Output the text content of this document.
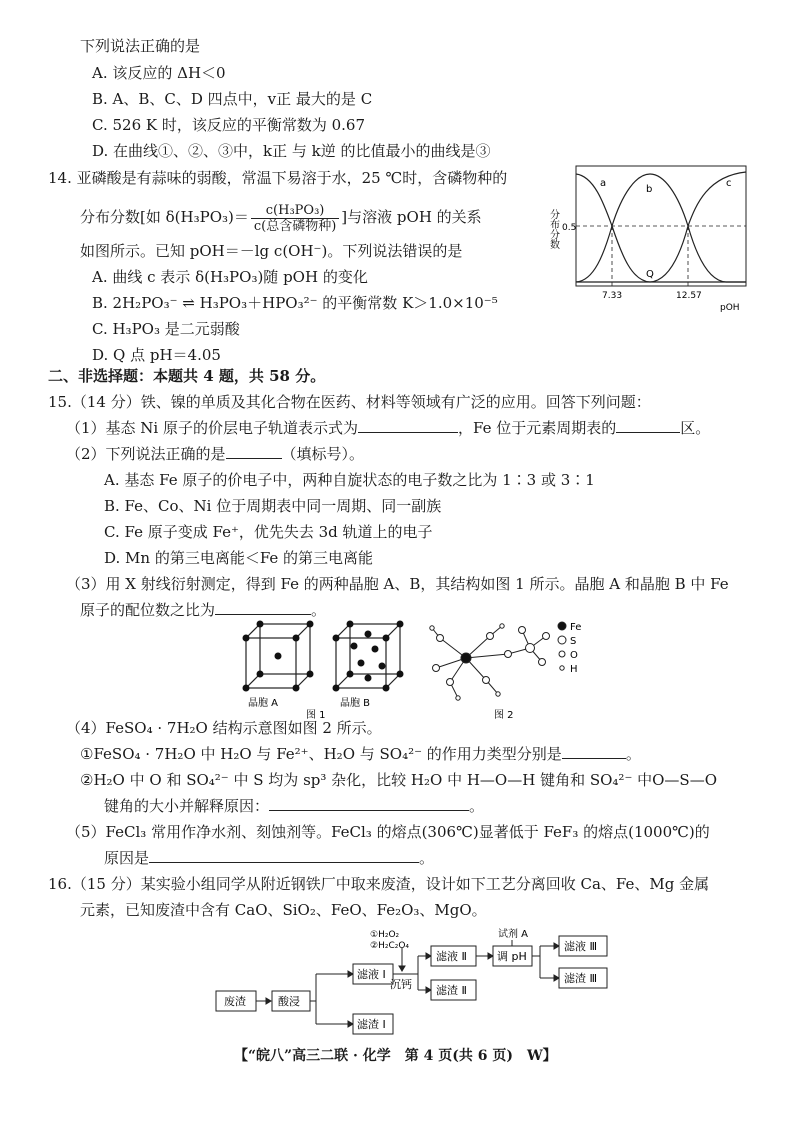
下列说法正确的是
A. 该反应的 ΔH＜0
B. A、B、C、D 四点中，v正 最大的是 C
C. 526 K 时，该反应的平衡常数为 0.67
D. 在曲线①、②、③中，k正 与 k逆 的比值最小的曲线是③
14. 亚磷酸是有蒜味的弱酸，常温下易溶于水，25 ℃时，含磷物种的
分布分数[如 $\delta(H_3PO_3)= \frac{\text{c(H₃PO₃)}}{\text{c(总含磷物种)}}$ ]与溶液 pOH 的关系
如图所示。已知 pOH＝－lg c(OH⁻)。下列说法错误的是
A. 曲线 c 表示 δ(H₃PO₃)随 pOH 的变化
B. 2H₂PO₃⁻ ⇌ H₃PO₃＋HPO₃²⁻ 的平衡常数 K＞1.0×10⁻⁵
C. H₃PO₃ 是二元弱酸
D. Q 点 pH＝4.05
a
b
c
Q
0.5
7.33	12.57
pOH
分布分数
二、非选择题：本题共 4 题，共 58 分。
15.（14 分）铁、镍的单质及其化合物在医药、材料等领域有广泛的应用。回答下列问题：
（1）基态 Ni 原子的价层电子轨道表示式为	，Fe 位于元素周期表的	区。
（2）下列说法正确的是	（填标号）。
A. 基态 Fe 原子的价电子中，两种自旋状态的电子数之比为 1∶3 或 3∶1
B. Fe、Co、Ni 位于周期表中同一周期、同一副族
C. Fe 原子变成 Fe⁺，优先失去 3d 轨道上的电子
D. Mn 的第三电离能＜Fe 的第三电离能
（3）用 X 射线衍射测定，得到 Fe 的两种晶胞 A、B，其结构如图 1 所示。晶胞 A 和晶胞 B 中 Fe
原子的配位数之比为	。
晶胞 A	晶胞 B
图 1	图 2
Fe
S
O
H
（4）FeSO₄ · 7H₂O 结构示意图如图 2 所示。
①FeSO₄ · 7H₂O 中 H₂O 与 Fe²⁺、H₂O 与 SO₄²⁻ 的作用力类型分别是	。
②H₂O 中 O 和 SO₄²⁻ 中 S 均为 sp³ 杂化，比较 H₂O 中 H—O—H 键角和 SO₄²⁻ 中O—S—O
键角的大小并解释原因：	。
（5）FeCl₃ 常用作净水剂、刻蚀剂等。FeCl₃ 的熔点(306℃)显著低于 FeF₃ 的熔点(1000℃)的
原因是	。
16.（15 分）某实验小组同学从附近钢铁厂中取来废渣，设计如下工艺分离回收 Ca、Fe、Mg 金属
元素，已知废渣中含有 CaO、SiO₂、FeO、Fe₂O₃、MgO。
废渣	酸浸
滤液 Ⅰ
滤渣 Ⅰ
①H₂O₂
②H₂C₂O₄
沉钙
滤液 Ⅱ
滤渣 Ⅱ
试剂 A
调 pH
滤液 Ⅲ
滤渣 Ⅲ
【“皖八”高三二联 · 化学　第 4 页(共 6 页)　W】
